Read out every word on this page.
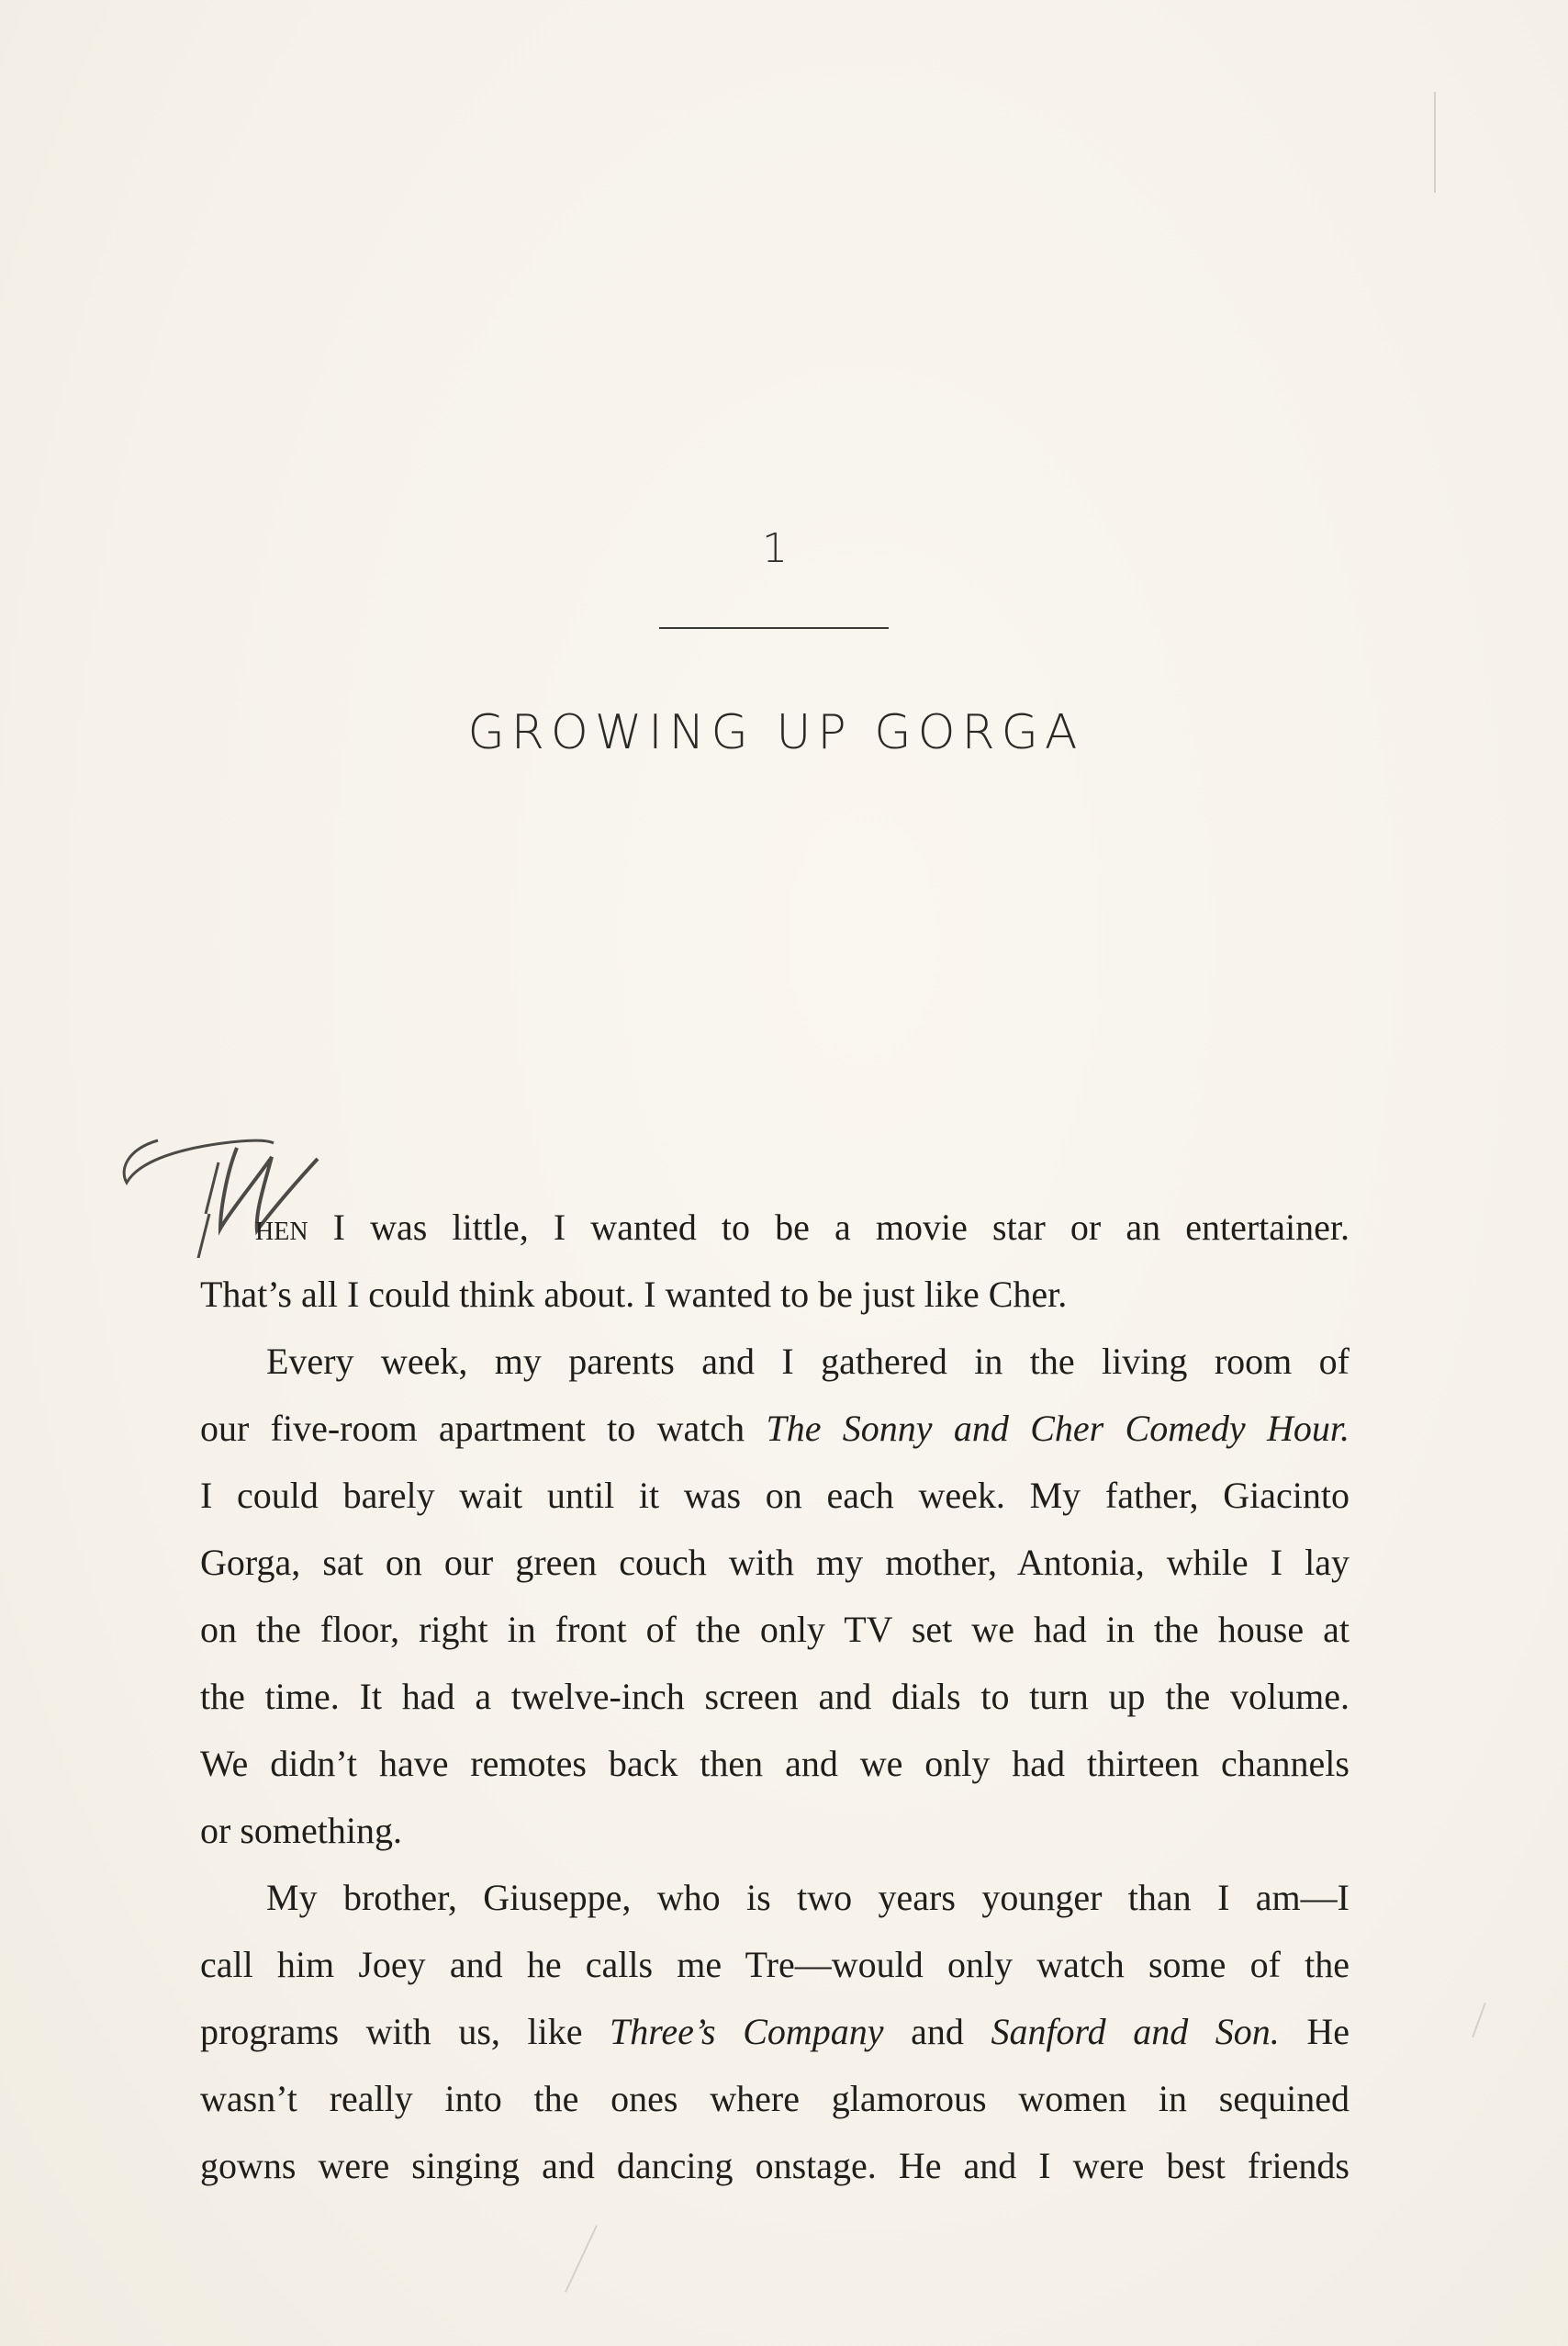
1
GROWING UP GORGA
hen I was little, I wanted to be a movie star or an entertainer.
That’s all I could think about. I wanted to be just like Cher.
Every week, my parents and I gathered in the living room of
our five-room apartment to watch The Sonny and Cher Comedy Hour.
I could barely wait until it was on each week. My father, Giacinto
Gorga, sat on our green couch with my mother, Antonia, while I lay
on the floor, right in front of the only TV set we had in the house at
the time. It had a twelve-inch screen and dials to turn up the volume.
We didn’t have remotes back then and we only had thirteen channels
or something.
My brother, Giuseppe, who is two years younger than I am—I
call him Joey and he calls me Tre—would only watch some of the
programs with us, like Three’s Company and Sanford and Son. He
wasn’t really into the ones where glamorous women in sequined
gowns were singing and dancing onstage. He and I were best friends
